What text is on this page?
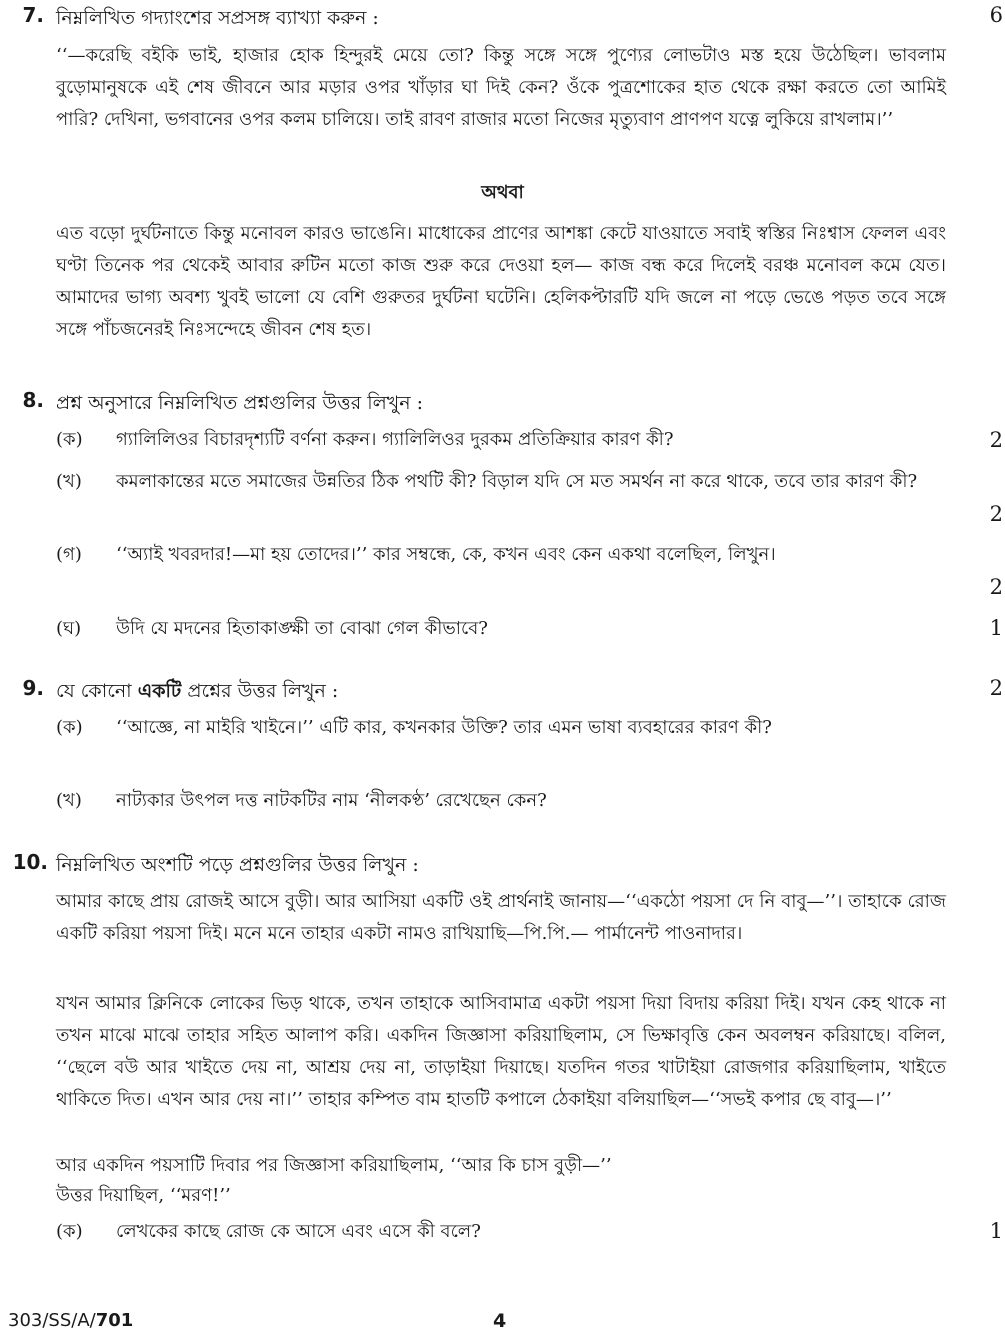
7. নিম্নলিখিত গদ্যাংশের সপ্রসঙ্গ ব্যাখ্যা করুন :	6
‘‘—করেছি বইকি ভাই, হাজার হোক হিন্দুরই মেয়ে তো? কিন্তু সঙ্গে সঙ্গে পুণ্যের লোভটাও মস্ত হয়ে উঠেছিল। ভাবলাম বুড়োমানুষকে এই শেষ জীবনে আর মড়ার ওপর খাঁড়ার ঘা দিই কেন? ওঁকে পুত্রশোকের হাত থেকে রক্ষা করতে তো আমিই পারি? দেখিনা, ভগবানের ওপর কলম চালিয়ে। তাই রাবণ রাজার মতো নিজের মৃত্যুবাণ প্রাণপণ যত্নে লুকিয়ে রাখলাম।’’
অথবা
এত বড়ো দুর্ঘটনাতে কিন্তু মনোবল কারও ভাঙেনি। মাধোকের প্রাণের আশঙ্কা কেটে যাওয়াতে সবাই স্বস্তির নিঃশ্বাস ফেলল এবং ঘণ্টা তিনেক পর থেকেই আবার রুটিন মতো কাজ শুরু করে দেওয়া হল— কাজ বন্ধ করে দিলেই বরঞ্চ মনোবল কমে যেত। আমাদের ভাগ্য অবশ্য খুবই ভালো যে বেশি গুরুতর দুর্ঘটনা ঘটেনি। হেলিকপ্টারটি যদি জলে না পড়ে ভেঙে পড়ত তবে সঙ্গে সঙ্গে পাঁচজনেরই নিঃসন্দেহে জীবন শেষ হত।
8. প্রশ্ন অনুসারে নিম্নলিখিত প্রশ্নগুলির উত্তর লিখুন :
(ক) গ্যালিলিওর বিচারদৃশ্যটি বর্ণনা করুন। গ্যালিলিওর দুরকম প্রতিক্রিয়ার কারণ কী?	2
(খ) কমলাকান্তের মতে সমাজের উন্নতির ঠিক পথটি কী? বিড়াল যদি সে মত সমর্থন না করে থাকে, তবে তার কারণ কী?
2
(গ) ‘‘অ্যাই খবরদার!—মা হয় তোদের।’’ কার সম্বন্ধে, কে, কখন এবং কেন একথা বলেছিল, লিখুন।
2
(ঘ) উদি যে মদনের হিতাকাঙ্ক্ষী তা বোঝা গেল কীভাবে?	1
9. যে কোনো একটি প্রশ্নের উত্তর লিখুন :	2
(ক) ‘‘আজ্ঞে, না মাইরি খাইনে।’’ এটি কার, কখনকার উক্তি? তার এমন ভাষা ব্যবহারের কারণ কী?
(খ) নাট্যকার উৎপল দত্ত নাটকটির নাম ‘নীলকণ্ঠ’ রেখেছেন কেন?
10. নিম্নলিখিত অংশটি পড়ে প্রশ্নগুলির উত্তর লিখুন :
আমার কাছে প্রায় রোজই আসে বুড়ী। আর আসিয়া একটি ওই প্রার্থনাই জানায়—‘‘একঠো পয়সা দে নি বাবু—’’। তাহাকে রোজ একটি করিয়া পয়সা দিই। মনে মনে তাহার একটা নামও রাখিয়াছি—পি.পি.— পার্মানেন্ট পাওনাদার।
যখন আমার ক্লিনিকে লোকের ভিড় থাকে, তখন তাহাকে আসিবামাত্র একটা পয়সা দিয়া বিদায় করিয়া দিই। যখন কেহ থাকে না তখন মাঝে মাঝে তাহার সহিত আলাপ করি। একদিন জিজ্ঞাসা করিয়াছিলাম, সে ভিক্ষাবৃত্তি কেন অবলম্বন করিয়াছে। বলিল, ‘‘ছেলে বউ আর খাইতে দেয় না, আশ্রয় দেয় না, তাড়াইয়া দিয়াছে। যতদিন গতর খাটাইয়া রোজগার করিয়াছিলাম, খাইতে থাকিতে দিত। এখন আর দেয় না।’’ তাহার কম্পিত বাম হাতটি কপালে ঠেকাইয়া বলিয়াছিল—‘‘সভই কপার ছে বাবু—।’’
আর একদিন পয়সাটি দিবার পর জিজ্ঞাসা করিয়াছিলাম, ‘‘আর কি চাস বুড়ী—’’
উত্তর দিয়াছিল, ‘‘মরণ!’’
(ক) লেখকের কাছে রোজ কে আসে এবং এসে কী বলে?	1
303/SS/A/701	4
